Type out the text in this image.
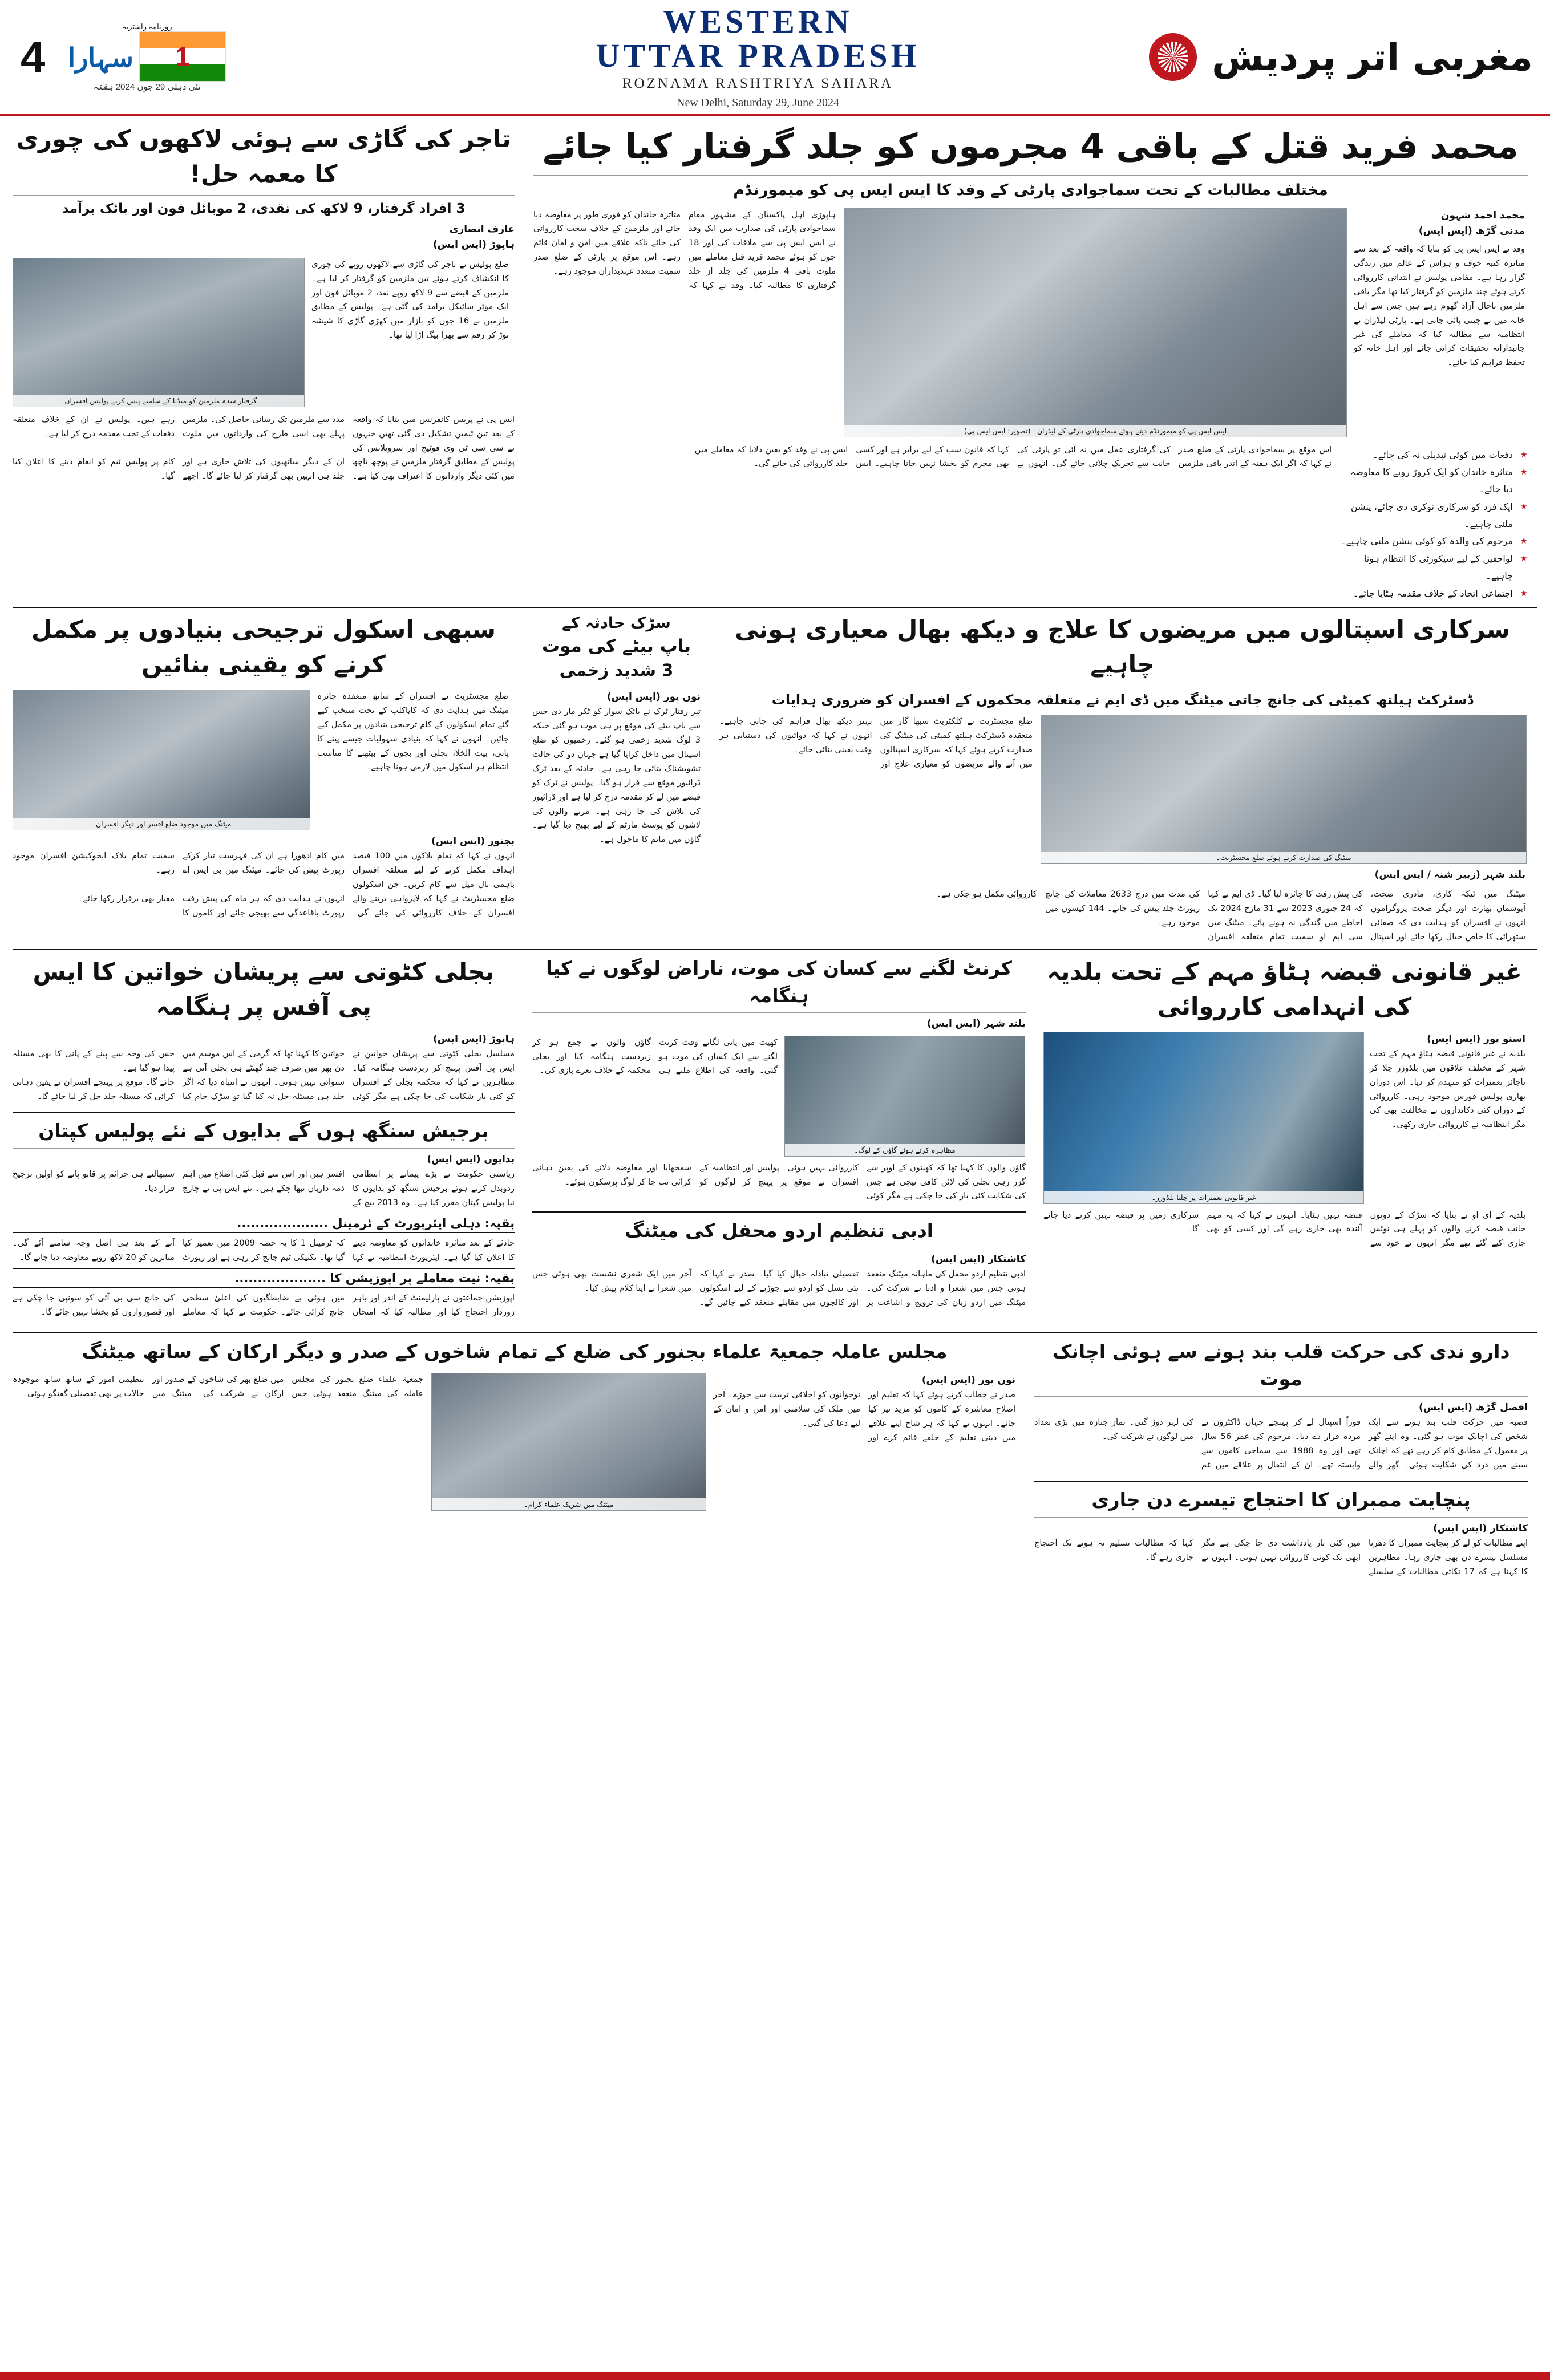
4
روزنامہ راشٹریہ
سہارا
1
نئی دہلی 29 جون 2024 ہفتہ
WESTERN
UTTAR PRADESH
ROZNAMA RASHTRIYA SAHARA
New Delhi, Saturday 29, June 2024
مغربی اتر پردیش
تاجر کی گاڑی سے ہوئی لاکھوں کی چوری کا معمہ حل!
3 افراد گرفتار، 9 لاکھ کی نقدی، 2 موبائل فون اور بائک برآمد
عارف انصاری
ہاپوڑ (ایس ایس)
گرفتار شدہ ملزمین کو میڈیا کے سامنے پیش کرتے پولیس افسران۔
ضلع پولیس نے تاجر کی گاڑی سے لاکھوں روپے کی چوری کا انکشاف کرتے ہوئے تین ملزمین کو گرفتار کر لیا ہے۔ ملزمین کے قبضے سے 9 لاکھ روپے نقد، 2 موبائل فون اور ایک موٹر سائیکل برآمد کی گئی ہے۔ پولیس کے مطابق ملزمین نے 16 جون کو بازار میں کھڑی گاڑی کا شیشہ توڑ کر رقم سے بھرا بیگ اڑا لیا تھا۔
ایس پی نے پریس کانفرنس میں بتایا کہ واقعہ کے بعد تین ٹیمیں تشکیل دی گئی تھیں جنہوں نے سی سی ٹی وی فوٹیج اور سرویلانس کی مدد سے ملزمین تک رسائی حاصل کی۔ ملزمین پہلے بھی اسی طرح کی وارداتوں میں ملوث رہے ہیں۔ پولیس نے ان کے خلاف متعلقہ دفعات کے تحت مقدمہ درج کر لیا ہے۔
پولیس کے مطابق گرفتار ملزمین نے پوچھ تاچھ میں کئی دیگر وارداتوں کا اعتراف بھی کیا ہے۔ ان کے دیگر ساتھیوں کی تلاش جاری ہے اور جلد ہی انہیں بھی گرفتار کر لیا جائے گا۔ اچھے کام پر پولیس ٹیم کو انعام دینے کا اعلان کیا گیا۔
محمد فرید قتل کے باقی 4 مجرموں کو جلد گرفتار کیا جائے
مختلف مطالبات کے تحت سماجوادی پارٹی کے وفد کا ایس ایس پی کو میمورنڈم
ہاپوڑی اہل پاکستان کے مشہور مقام سماجوادی پارٹی کی صدارت میں ایک وفد نے ایس ایس پی سے ملاقات کی اور 18 جون کو ہوئے محمد فرید قتل معاملے میں ملوث باقی 4 ملزمین کی جلد از جلد گرفتاری کا مطالبہ کیا۔ وفد نے کہا کہ متاثرہ خاندان کو فوری طور پر معاوضہ دیا جائے اور ملزمین کے خلاف سخت کارروائی کی جائے تاکہ علاقے میں امن و امان قائم رہے۔ اس موقع پر پارٹی کے ضلع صدر سمیت متعدد عہدیداران موجود رہے۔
ایس ایس پی کو میمورنڈم دیتے ہوئے سماجوادی پارٹی کے لیڈران۔ (تصویر: ایس ایس پی)
محمد احمد شہون
مدنی گڑھ (ایس ایس)
وفد نے ایس ایس پی کو بتایا کہ واقعہ کے بعد سے متاثرہ کنبہ خوف و ہراس کے عالم میں زندگی گزار رہا ہے۔ مقامی پولیس نے ابتدائی کارروائی کرتے ہوئے چند ملزمین کو گرفتار کیا تھا مگر باقی ملزمین تاحال آزاد گھوم رہے ہیں جس سے اہل خانہ میں بے چینی پائی جاتی ہے۔ پارٹی لیڈران نے انتظامیہ سے مطالبہ کیا کہ معاملے کی غیر جانبدارانہ تحقیقات کرائی جائے اور اہل خانہ کو تحفظ فراہم کیا جائے۔
اس موقع پر سماجوادی پارٹی کے ضلع صدر نے کہا کہ اگر ایک ہفتہ کے اندر باقی ملزمین کی گرفتاری عمل میں نہ آئی تو پارٹی کی جانب سے تحریک چلائی جائے گی۔ انہوں نے کہا کہ قانون سب کے لیے برابر ہے اور کسی بھی مجرم کو بخشا نہیں جانا چاہیے۔ ایس ایس پی نے وفد کو یقین دلایا کہ معاملے میں جلد کارروائی کی جائے گی۔
★ دفعات میں کوئی تبدیلی نہ کی جائے۔
★ متاثرہ خاندان کو ایک کروڑ روپے کا معاوضہ دیا جائے۔
★ ایک فرد کو سرکاری نوکری دی جائے، پنشن ملنی چاہیے۔
★ مرحوم کی والدہ کو کوئی پنشن ملنی چاہیے۔
★ لواحقین کے لیے سیکورٹی کا انتظام ہونا چاہیے۔
★ اجتماعی اتحاد کے خلاف مقدمہ ہٹایا جائے۔
سبھی اسکول ترجیحی بنیادوں پر مکمل کرنے کو یقینی بنائیں
میٹنگ میں موجود ضلع افسر اور دیگر افسران۔
ضلع مجسٹریٹ نے افسران کے ساتھ منعقدہ جائزہ میٹنگ میں ہدایت دی کہ کایاکلپ کے تحت منتخب کیے گئے تمام اسکولوں کے کام ترجیحی بنیادوں پر مکمل کیے جائیں۔ انہوں نے کہا کہ بنیادی سہولیات جیسے پینے کا پانی، بیت الخلا، بجلی اور بچوں کے بیٹھنے کا مناسب انتظام ہر اسکول میں لازمی ہونا چاہیے۔
بجنور (ایس ایس)
انہوں نے کہا کہ تمام بلاکوں میں 100 فیصد اہداف مکمل کرنے کے لیے متعلقہ افسران باہمی تال میل سے کام کریں۔ جن اسکولوں میں کام ادھورا ہے ان کی فہرست تیار کرکے رپورٹ پیش کی جائے۔ میٹنگ میں بی ایس اے سمیت تمام بلاک ایجوکیشن افسران موجود رہے۔
ضلع مجسٹریٹ نے کہا کہ لاپرواہی برتنے والے افسران کے خلاف کارروائی کی جائے گی۔ انہوں نے ہدایت دی کہ ہر ماہ کی پیش رفت رپورٹ باقاعدگی سے بھیجی جائے اور کاموں کا معیار بھی برقرار رکھا جائے۔
سڑک حادثہ کے
باپ بیٹے کی موت
3 شدید زخمی
نوں پور (ایس ایس)
تیز رفتار ٹرک نے بائک سوار کو ٹکر مار دی جس سے باپ بیٹے کی موقع پر ہی موت ہو گئی جبکہ 3 لوگ شدید زخمی ہو گئے۔ زخمیوں کو ضلع اسپتال میں داخل کرایا گیا ہے جہاں دو کی حالت تشویشناک بتائی جا رہی ہے۔ حادثہ کے بعد ٹرک ڈرائیور موقع سے فرار ہو گیا۔ پولیس نے ٹرک کو قبضے میں لے کر مقدمہ درج کر لیا ہے اور ڈرائیور کی تلاش کی جا رہی ہے۔ مرنے والوں کی لاشوں کو پوسٹ مارٹم کے لیے بھیج دیا گیا ہے۔ گاؤں میں ماتم کا ماحول ہے۔
سرکاری اسپتالوں میں مریضوں کا علاج و دیکھ بھال معیاری ہونی چاہیے
ڈسٹرکٹ ہیلتھ کمیٹی کی جانچ جاتی میٹنگ میں ڈی ایم نے متعلقہ محکموں کے افسران کو ضروری ہدایات
ضلع مجسٹریٹ نے کلکٹریٹ سبھا گار میں منعقدہ ڈسٹرکٹ ہیلتھ کمیٹی کی میٹنگ کی صدارت کرتے ہوئے کہا کہ سرکاری اسپتالوں میں آنے والے مریضوں کو معیاری علاج اور بہتر دیکھ بھال فراہم کی جانی چاہیے۔ انہوں نے کہا کہ دوائیوں کی دستیابی ہر وقت یقینی بنائی جائے۔
میٹنگ کی صدارت کرتے ہوئے ضلع مجسٹریٹ۔
بلند شہر (زبیر شنہ / ایس ایس)
میٹنگ میں ٹیکہ کاری، مادری صحت، آیوشمان بھارت اور دیگر صحت پروگراموں کی پیش رفت کا جائزہ لیا گیا۔ ڈی ایم نے کہا کہ 24 جنوری 2023 سے 31 مارچ 2024 تک کی مدت میں درج 2633 معاملات کی جانچ رپورٹ جلد پیش کی جائے۔ 144 کیسوں میں کارروائی مکمل ہو چکی ہے۔
انہوں نے افسران کو ہدایت دی کہ صفائی ستھرائی کا خاص خیال رکھا جائے اور اسپتال احاطے میں گندگی نہ ہونے پائے۔ میٹنگ میں سی ایم او سمیت تمام متعلقہ افسران موجود رہے۔
بجلی کٹوتی سے پریشان خواتین کا ایس پی آفس پر ہنگامہ
ہاپوڑ (ایس ایس)
مسلسل بجلی کٹوتی سے پریشان خواتین نے ایس پی آفس پہنچ کر زبردست ہنگامہ کیا۔ خواتین کا کہنا تھا کہ گرمی کے اس موسم میں دن بھر میں صرف چند گھنٹے ہی بجلی آتی ہے جس کی وجہ سے پینے کے پانی کا بھی مسئلہ پیدا ہو گیا ہے۔
مظاہرین نے کہا کہ محکمہ بجلی کے افسران کو کئی بار شکایت کی جا چکی ہے مگر کوئی سنوائی نہیں ہوتی۔ انہوں نے انتباہ دیا کہ اگر جلد ہی مسئلہ حل نہ کیا گیا تو سڑک جام کیا جائے گا۔ موقع پر پہنچے افسران نے یقین دہانی کرائی کہ مسئلہ جلد حل کر لیا جائے گا۔
برجیش سنگھ ہوں گے بدایوں کے نئے پولیس کپتان
بدایوں (ایس ایس)
ریاستی حکومت نے بڑے پیمانے پر انتظامی ردوبدل کرتے ہوئے برجیش سنگھ کو بدایوں کا نیا پولیس کپتان مقرر کیا ہے۔ وہ 2013 بیچ کے افسر ہیں اور اس سے قبل کئی اضلاع میں اہم ذمہ داریاں نبھا چکے ہیں۔ نئے ایس پی نے چارج سنبھالتے ہی جرائم پر قابو پانے کو اولین ترجیح قرار دیا۔
بقیہ: دہلی ایئرپورٹ کے ٹرمینل ....................
حادثے کے بعد متاثرہ خاندانوں کو معاوضہ دینے کا اعلان کیا گیا ہے۔ ایئرپورٹ انتظامیہ نے کہا کہ ٹرمینل 1 کا یہ حصہ 2009 میں تعمیر کیا گیا تھا۔ تکنیکی ٹیم جانچ کر رہی ہے اور رپورٹ آنے کے بعد ہی اصل وجہ سامنے آئے گی۔ متاثرین کو 20 لاکھ روپے معاوضہ دیا جائے گا۔
بقیہ: نیت معاملے پر اپوزیشن کا ....................
اپوزیشن جماعتوں نے پارلیمنٹ کے اندر اور باہر زوردار احتجاج کیا اور مطالبہ کیا کہ امتحان میں ہوئی بے ضابطگیوں کی اعلیٰ سطحی جانچ کرائی جائے۔ حکومت نے کہا کہ معاملے کی جانچ سی بی آئی کو سونپی جا چکی ہے اور قصورواروں کو بخشا نہیں جائے گا۔
کرنٹ لگنے سے کسان کی موت، ناراض لوگوں نے کیا ہنگامہ
بلند شہر (ایس ایس)
کھیت میں پانی لگاتے وقت کرنٹ لگنے سے ایک کسان کی موت ہو گئی۔ واقعہ کی اطلاع ملتے ہی گاؤں والوں نے جمع ہو کر زبردست ہنگامہ کیا اور بجلی محکمہ کے خلاف نعرے بازی کی۔
مظاہرہ کرتے ہوئے گاؤں کے لوگ۔
گاؤں والوں کا کہنا تھا کہ کھیتوں کے اوپر سے گزر رہی بجلی کی لائن کافی نیچی ہے جس کی شکایت کئی بار کی جا چکی ہے مگر کوئی کارروائی نہیں ہوئی۔ پولیس اور انتظامیہ کے افسران نے موقع پر پہنچ کر لوگوں کو سمجھایا اور معاوضہ دلانے کی یقین دہانی کرائی تب جا کر لوگ پرسکون ہوئے۔
ادبی تنظیم اردو محفل کی میٹنگ
کاشتکار (ایس ایس)
ادبی تنظیم اردو محفل کی ماہانہ میٹنگ منعقد ہوئی جس میں شعرا و ادبا نے شرکت کی۔ میٹنگ میں اردو زبان کی ترویج و اشاعت پر تفصیلی تبادلہ خیال کیا گیا۔ صدر نے کہا کہ نئی نسل کو اردو سے جوڑنے کے لیے اسکولوں اور کالجوں میں مقابلے منعقد کیے جائیں گے۔ آخر میں ایک شعری نشست بھی ہوئی جس میں شعرا نے اپنا کلام پیش کیا۔
غیر قانونی قبضہ ہٹاؤ مہم کے تحت بلدیہ کی انہدامی کارروائی
غیر قانونی تعمیرات پر چلتا بلڈوزر۔
اسنو پور (ایس ایس)
بلدیہ نے غیر قانونی قبضہ ہٹاؤ مہم کے تحت شہر کے مختلف علاقوں میں بلڈوزر چلا کر ناجائز تعمیرات کو منہدم کر دیا۔ اس دوران بھاری پولیس فورس موجود رہی۔ کارروائی کے دوران کئی دکانداروں نے مخالفت بھی کی مگر انتظامیہ نے کارروائی جاری رکھی۔
بلدیہ کے ای او نے بتایا کہ سڑک کے دونوں جانب قبضہ کرنے والوں کو پہلے ہی نوٹس جاری کیے گئے تھے مگر انہوں نے خود سے قبضہ نہیں ہٹایا۔ انہوں نے کہا کہ یہ مہم آئندہ بھی جاری رہے گی اور کسی کو بھی سرکاری زمین پر قبضہ نہیں کرنے دیا جائے گا۔
مجلس عاملہ جمعیۃ علماء بجنور کی ضلع کے تمام شاخوں کے صدر و دیگر ارکان کے ساتھ میٹنگ
جمعیۃ علماء ضلع بجنور کی مجلس عاملہ کی میٹنگ منعقد ہوئی جس میں ضلع بھر کی شاخوں کے صدور اور ارکان نے شرکت کی۔ میٹنگ میں تنظیمی امور کے ساتھ ساتھ موجودہ حالات پر بھی تفصیلی گفتگو ہوئی۔
میٹنگ میں شریک علماء کرام۔
نوں پور (ایس ایس)
صدر نے خطاب کرتے ہوئے کہا کہ تعلیم اور اصلاح معاشرہ کے کاموں کو مزید تیز کیا جائے۔ انہوں نے کہا کہ ہر شاخ اپنے علاقے میں دینی تعلیم کے حلقے قائم کرے اور نوجوانوں کو اخلاقی تربیت سے جوڑے۔ آخر میں ملک کی سلامتی اور امن و امان کے لیے دعا کی گئی۔
دارو ندی کی حرکت قلب بند ہونے سے ہوئی اچانک موت
افضل گڑھ (ایس ایس)
قصبہ میں حرکت قلب بند ہونے سے ایک شخص کی اچانک موت ہو گئی۔ وہ اپنے گھر پر معمول کے مطابق کام کر رہے تھے کہ اچانک سینے میں درد کی شکایت ہوئی۔ گھر والے فوراً اسپتال لے کر پہنچے جہاں ڈاکٹروں نے مردہ قرار دے دیا۔ مرحوم کی عمر 56 سال تھی اور وہ 1988 سے سماجی کاموں سے وابستہ تھے۔ ان کے انتقال پر علاقے میں غم کی لہر دوڑ گئی۔ نماز جنازہ میں بڑی تعداد میں لوگوں نے شرکت کی۔
پنچایت ممبران کا احتجاج تیسرے دن جاری
کاشتکار (ایس ایس)
اپنے مطالبات کو لے کر پنچایت ممبران کا دھرنا مسلسل تیسرے دن بھی جاری رہا۔ مظاہرین کا کہنا ہے کہ 17 نکاتی مطالبات کے سلسلے میں کئی بار یادداشت دی جا چکی ہے مگر ابھی تک کوئی کارروائی نہیں ہوئی۔ انہوں نے کہا کہ مطالبات تسلیم نہ ہونے تک احتجاج جاری رہے گا۔
